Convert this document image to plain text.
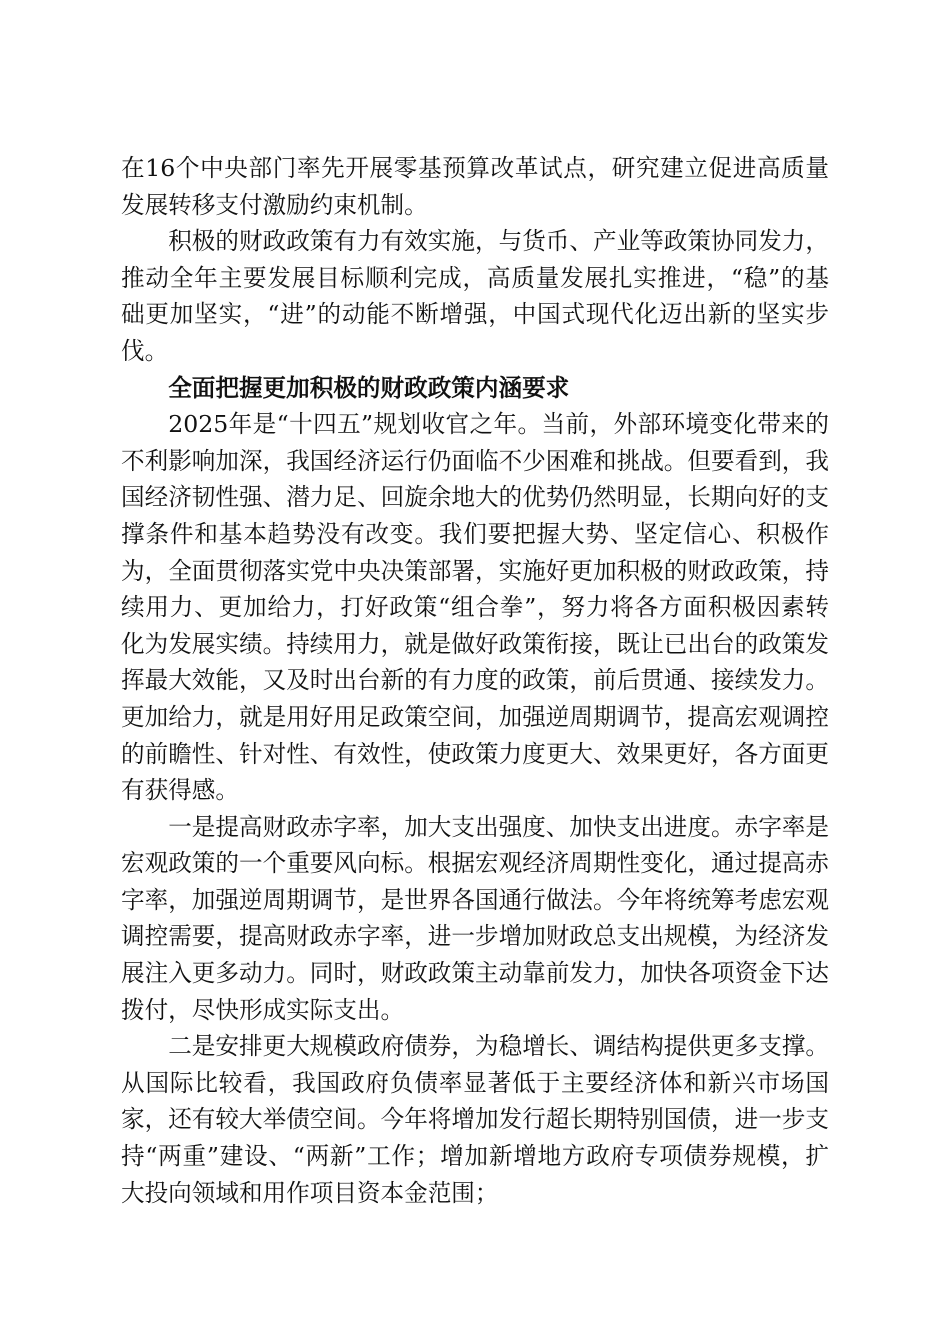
在16个中央部门率先开展零基预算改革试点，研究建立促进高质量发展转移支付激励约束机制。

积极的财政政策有力有效实施，与货币、产业等政策协同发力，推动全年主要发展目标顺利完成，高质量发展扎实推进，“稳”的基础更加坚实，“进”的动能不断增强，中国式现代化迈出新的坚实步伐。

全面把握更加积极的财政政策内涵要求

2025年是“十四五”规划收官之年。当前，外部环境变化带来的不利影响加深，我国经济运行仍面临不少困难和挑战。但要看到，我国经济韧性强、潜力足、回旋余地大的优势仍然明显，长期向好的支撑条件和基本趋势没有改变。我们要把握大势、坚定信心、积极作为，全面贯彻落实党中央决策部署，实施好更加积极的财政政策，持续用力、更加给力，打好政策“组合拳”，努力将各方面积极因素转化为发展实绩。持续用力，就是做好政策衔接，既让已出台的政策发挥最大效能，又及时出台新的有力度的政策，前后贯通、接续发力。更加给力，就是用好用足政策空间，加强逆周期调节，提高宏观调控的前瞻性、针对性、有效性，使政策力度更大、效果更好，各方面更有获得感。

一是提高财政赤字率，加大支出强度、加快支出进度。赤字率是宏观政策的一个重要风向标。根据宏观经济周期性变化，通过提高赤字率，加强逆周期调节，是世界各国通行做法。今年将统筹考虑宏观调控需要，提高财政赤字率，进一步增加财政总支出规模，为经济发展注入更多动力。同时，财政政策主动靠前发力，加快各项资金下达拨付，尽快形成实际支出。

二是安排更大规模政府债券，为稳增长、调结构提供更多支撑。从国际比较看，我国政府负债率显著低于主要经济体和新兴市场国家，还有较大举债空间。今年将增加发行超长期特别国债，进一步支持“两重”建设、“两新”工作；增加新增地方政府专项债券规模，扩大投向领域和用作项目资本金范围；
